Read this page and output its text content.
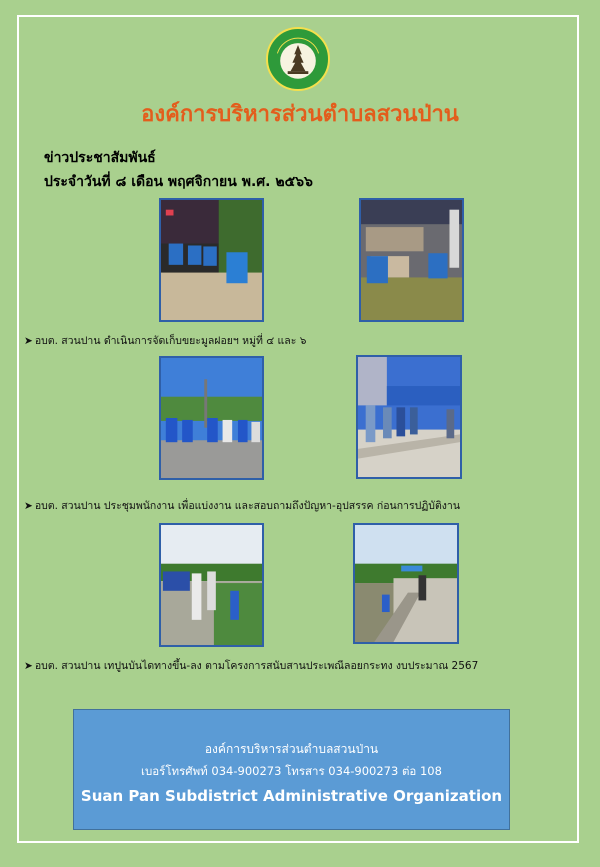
องค์การบริหารส่วนตำบลสวนป่าน
ข่าวประชาสัมพันธ์
ประจำวันที่ ๘ เดือน พฤศจิกายน พ.ศ. ๒๕๖๖
➤ อบต. สวนปาน ดำเนินการจัดเก็บขยะมูลฝอยฯ หมู่ที่ ๔ และ ๖
➤ อบต. สวนปาน ประชุมพนักงาน เพื่อแบ่งงาน และสอบถามถึงปัญหา-อุปสรรค ก่อนการปฏิบัติงาน
➤ อบต. สวนปาน เทปูนบันไดทางขึ้น-ลง ตามโครงการสนับสานประเพณีลอยกระทง งบประมาณ 2567
องค์การบริหารส่วนตำบลสวนป่าน
เบอร์โทรศัพท์ 034-900273 โทรสาร 034-900273 ต่อ 108
Suan Pan Subdistrict Administrative Organization
